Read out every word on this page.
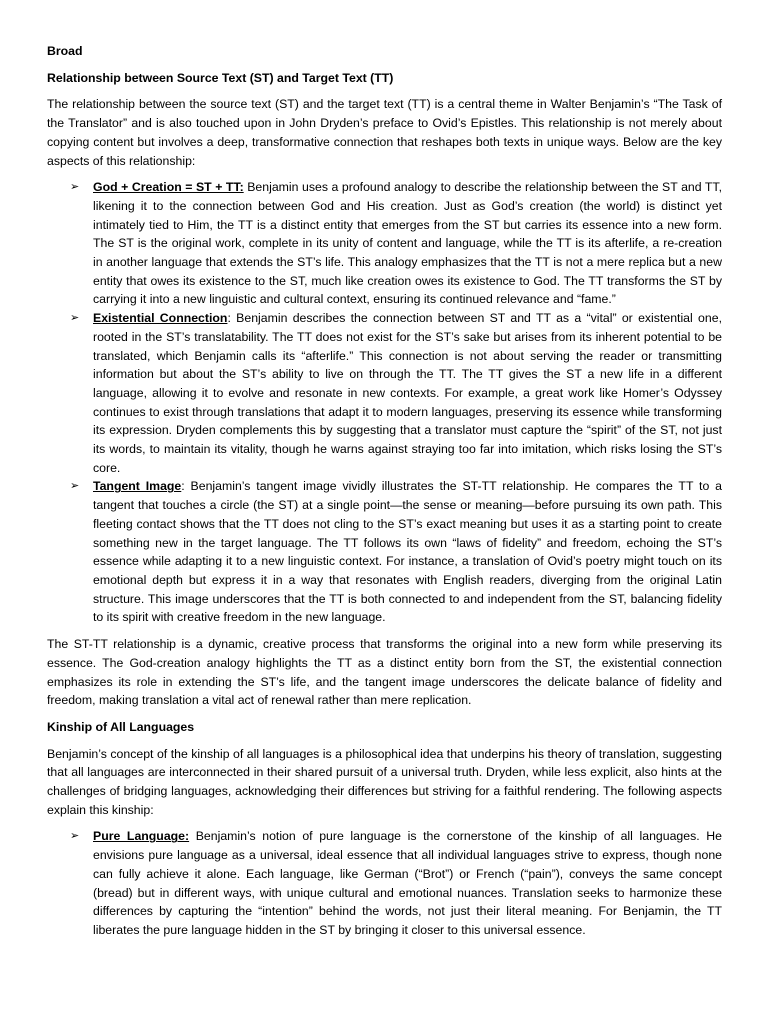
Broad

Relationship between Source Text (ST) and Target Text (TT)

The relationship between the source text (ST) and the target text (TT) is a central theme in Walter Benjamin’s “The Task of the Translator” and is also touched upon in John Dryden’s preface to Ovid’s Epistles. This relationship is not merely about copying content but involves a deep, transformative connection that reshapes both texts in unique ways. Below are the key aspects of this relationship:

➢ God + Creation = ST + TT: Benjamin uses a profound analogy to describe the relationship between the ST and TT, likening it to the connection between God and His creation. Just as God’s creation (the world) is distinct yet intimately tied to Him, the TT is a distinct entity that emerges from the ST but carries its essence into a new form. The ST is the original work, complete in its unity of content and language, while the TT is its afterlife, a re-creation in another language that extends the ST’s life. This analogy emphasizes that the TT is not a mere replica but a new entity that owes its existence to the ST, much like creation owes its existence to God. The TT transforms the ST by carrying it into a new linguistic and cultural context, ensuring its continued relevance and “fame.”
➢ Existential Connection: Benjamin describes the connection between ST and TT as a “vital” or existential one, rooted in the ST’s translatability. The TT does not exist for the ST’s sake but arises from its inherent potential to be translated, which Benjamin calls its “afterlife.” This connection is not about serving the reader or transmitting information but about the ST’s ability to live on through the TT. The TT gives the ST a new life in a different language, allowing it to evolve and resonate in new contexts. For example, a great work like Homer’s Odyssey continues to exist through translations that adapt it to modern languages, preserving its essence while transforming its expression. Dryden complements this by suggesting that a translator must capture the “spirit” of the ST, not just its words, to maintain its vitality, though he warns against straying too far into imitation, which risks losing the ST’s core.
➢ Tangent Image: Benjamin’s tangent image vividly illustrates the ST-TT relationship. He compares the TT to a tangent that touches a circle (the ST) at a single point—the sense or meaning—before pursuing its own path. This fleeting contact shows that the TT does not cling to the ST’s exact meaning but uses it as a starting point to create something new in the target language. The TT follows its own “laws of fidelity” and freedom, echoing the ST’s essence while adapting it to a new linguistic context. For instance, a translation of Ovid’s poetry might touch on its emotional depth but express it in a way that resonates with English readers, diverging from the original Latin structure. This image underscores that the TT is both connected to and independent from the ST, balancing fidelity to its spirit with creative freedom in the new language.

The ST-TT relationship is a dynamic, creative process that transforms the original into a new form while preserving its essence. The God-creation analogy highlights the TT as a distinct entity born from the ST, the existential connection emphasizes its role in extending the ST’s life, and the tangent image underscores the delicate balance of fidelity and freedom, making translation a vital act of renewal rather than mere replication.

Kinship of All Languages

Benjamin’s concept of the kinship of all languages is a philosophical idea that underpins his theory of translation, suggesting that all languages are interconnected in their shared pursuit of a universal truth. Dryden, while less explicit, also hints at the challenges of bridging languages, acknowledging their differences but striving for a faithful rendering. The following aspects explain this kinship:

➢ Pure Language: Benjamin’s notion of pure language is the cornerstone of the kinship of all languages. He envisions pure language as a universal, ideal essence that all individual languages strive to express, though none can fully achieve it alone. Each language, like German (“Brot”) or French (“pain”), conveys the same concept (bread) but in different ways, with unique cultural and emotional nuances. Translation seeks to harmonize these differences by capturing the “intention” behind the words, not just their literal meaning. For Benjamin, the TT liberates the pure language hidden in the ST by bringing it closer to this universal essence.
